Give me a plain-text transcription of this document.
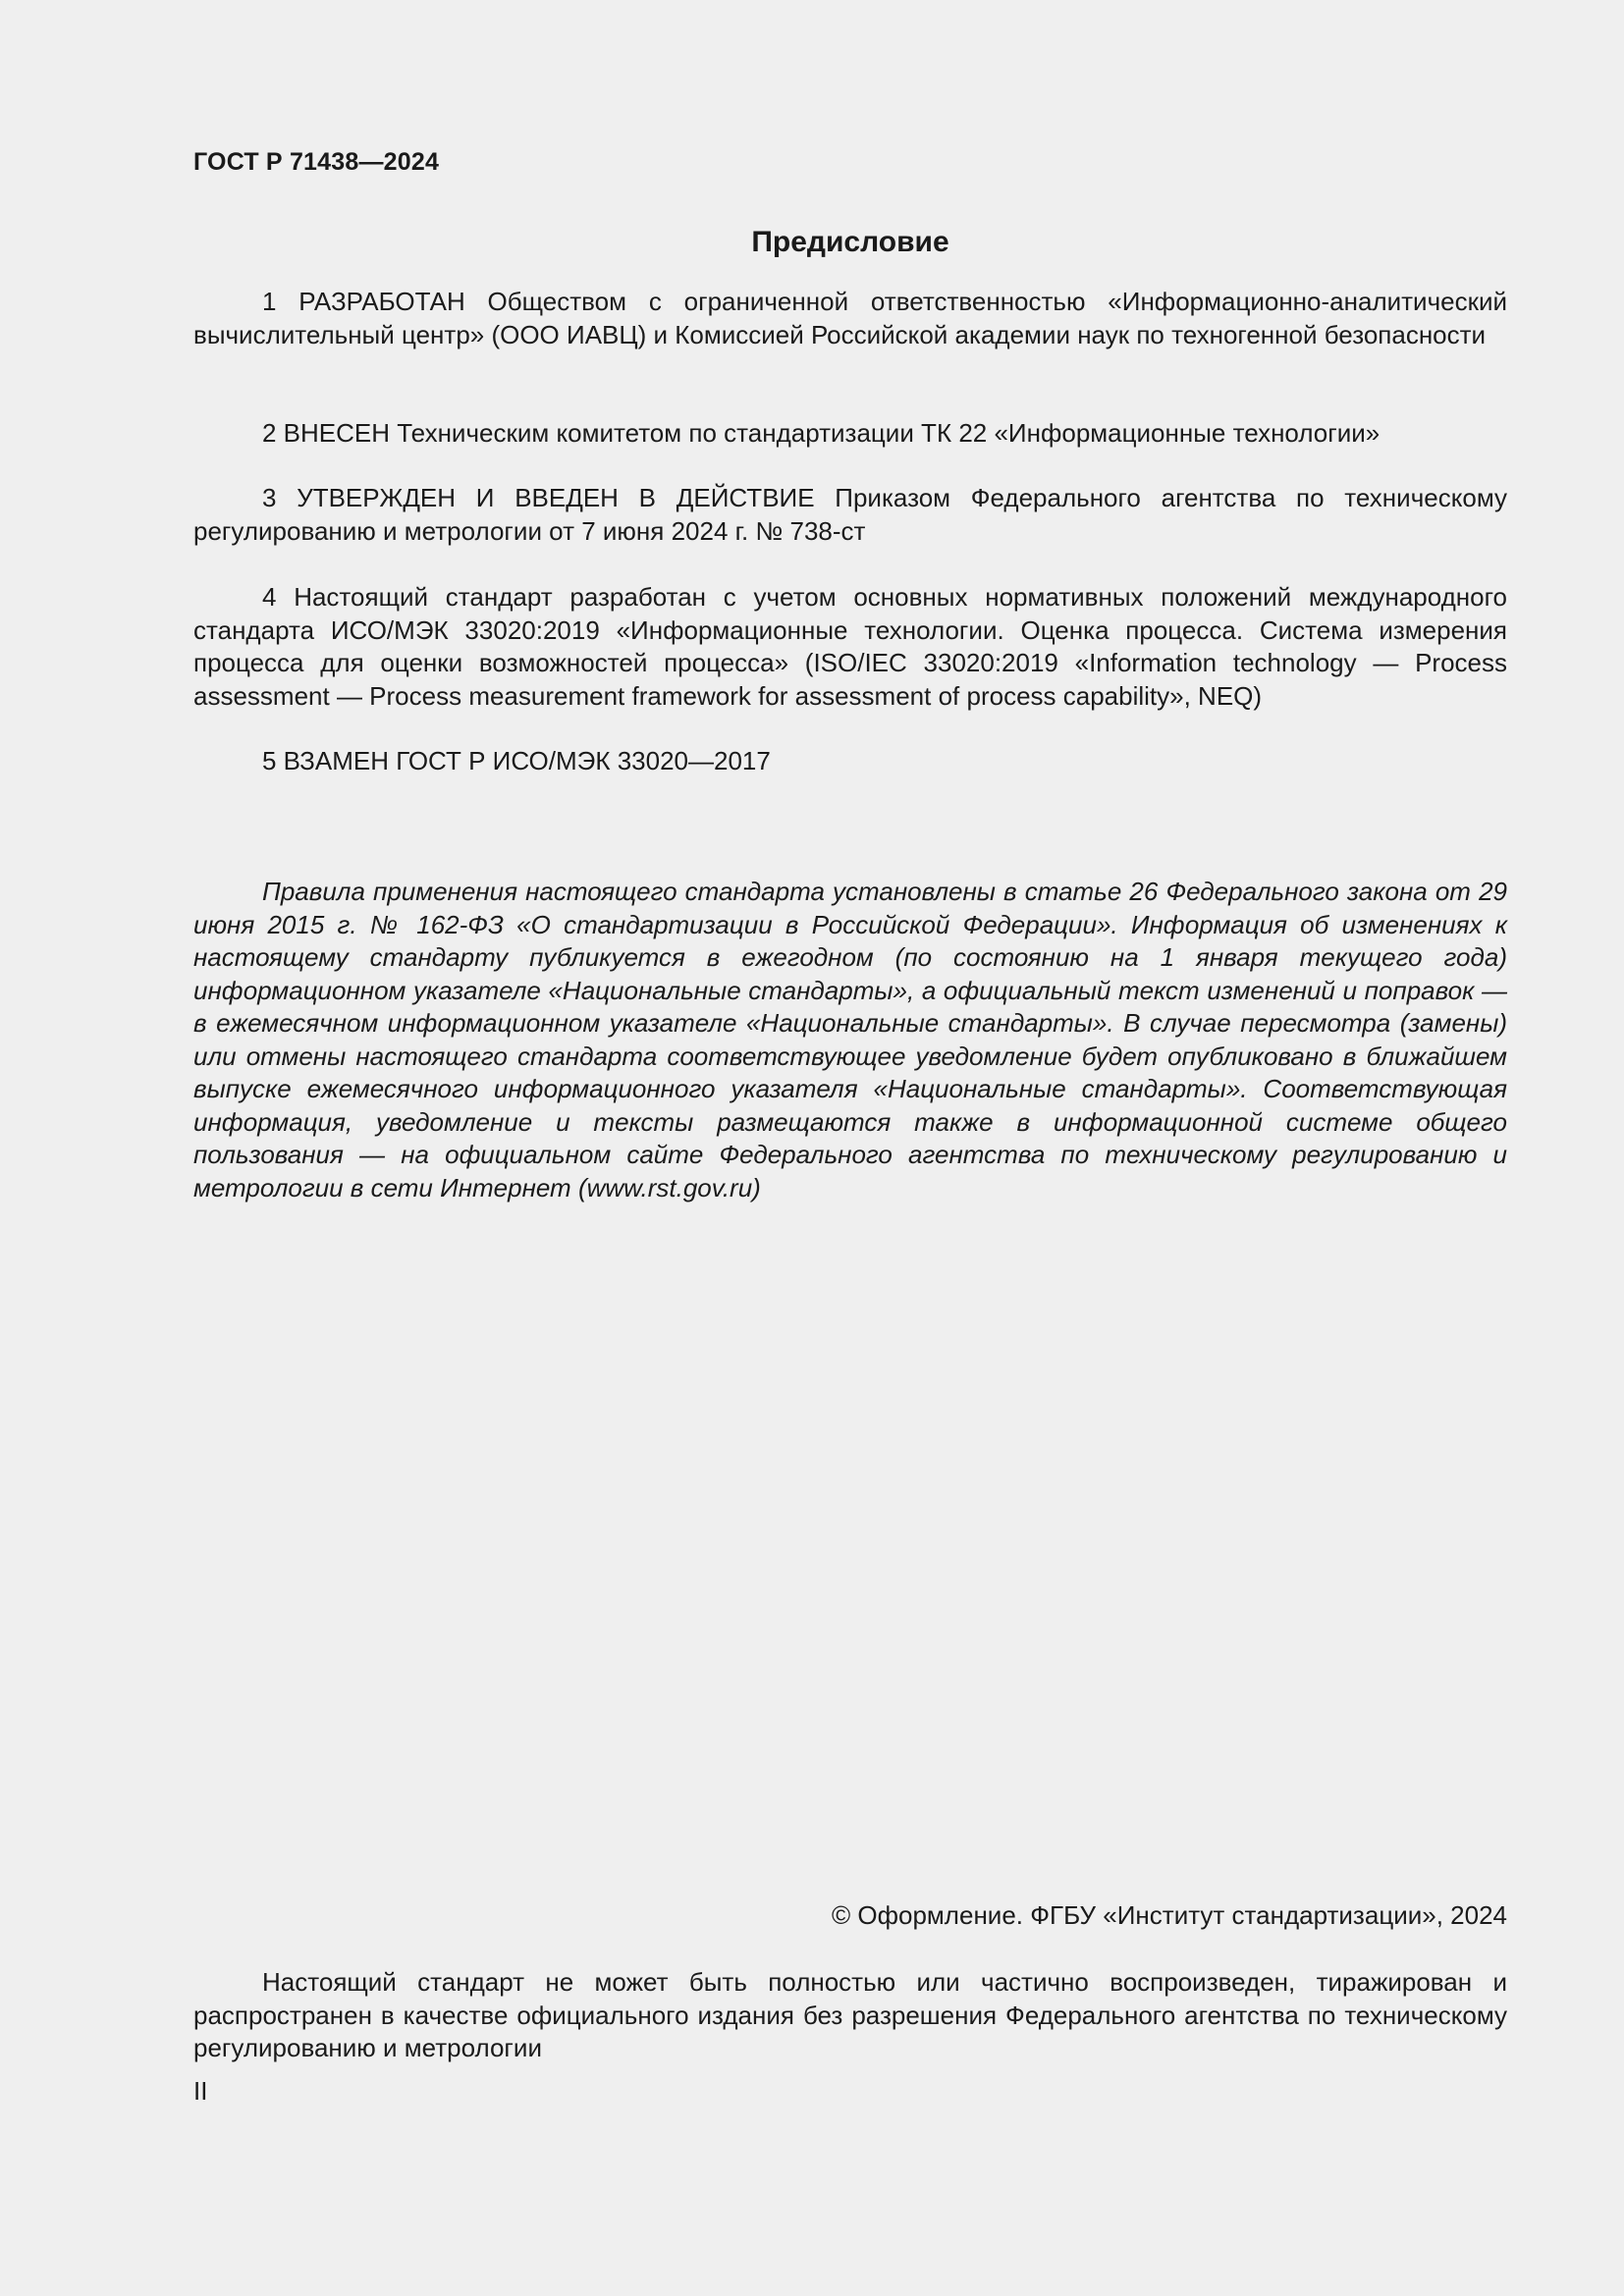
ГОСТ Р 71438—2024
Предисловие

1 РАЗРАБОТАН Обществом с ограниченной ответственностью «Информационно-аналитический вычислительный центр» (ООО ИАВЦ) и Комиссией Российской академии наук по техногенной безопасности

2 ВНЕСЕН Техническим комитетом по стандартизации ТК 22 «Информационные технологии»

3 УТВЕРЖДЕН И ВВЕДЕН В ДЕЙСТВИЕ Приказом Федерального агентства по техническому регулированию и метрологии от 7 июня 2024 г. № 738-ст

4 Настоящий стандарт разработан с учетом основных нормативных положений международного стандарта ИСО/МЭК 33020:2019 «Информационные технологии. Оценка процесса. Система измерения процесса для оценки возможностей процесса» (ISO/IEC 33020:2019 «Information technology — Process assessment — Process measurement framework for assessment of process capability», NEQ)

5 ВЗАМЕН ГОСТ Р ИСО/МЭК 33020—2017

Правила применения настоящего стандарта установлены в статье 26 Федерального закона от 29 июня 2015 г. № 162-ФЗ «О стандартизации в Российской Федерации». Информация об изменениях к настоящему стандарту публикуется в ежегодном (по состоянию на 1 января текущего года) информационном указателе «Национальные стандарты», а официальный текст изменений и поправок — в ежемесячном информационном указателе «Национальные стандарты». В случае пересмотра (замены) или отмены настоящего стандарта соответствующее уведомление будет опубликовано в ближайшем выпуске ежемесячного информационного указателя «Национальные стандарты». Соответствующая информация, уведомление и тексты размещаются также в информационной системе общего пользования — на официальном сайте Федерального агентства по техническому регулированию и метрологии в сети Интернет (www.rst.gov.ru)

© Оформление. ФГБУ «Институт стандартизации», 2024

Настоящий стандарт не может быть полностью или частично воспроизведен, тиражирован и распространен в качестве официального издания без разрешения Федерального агентства по техническому регулированию и метрологии

II
